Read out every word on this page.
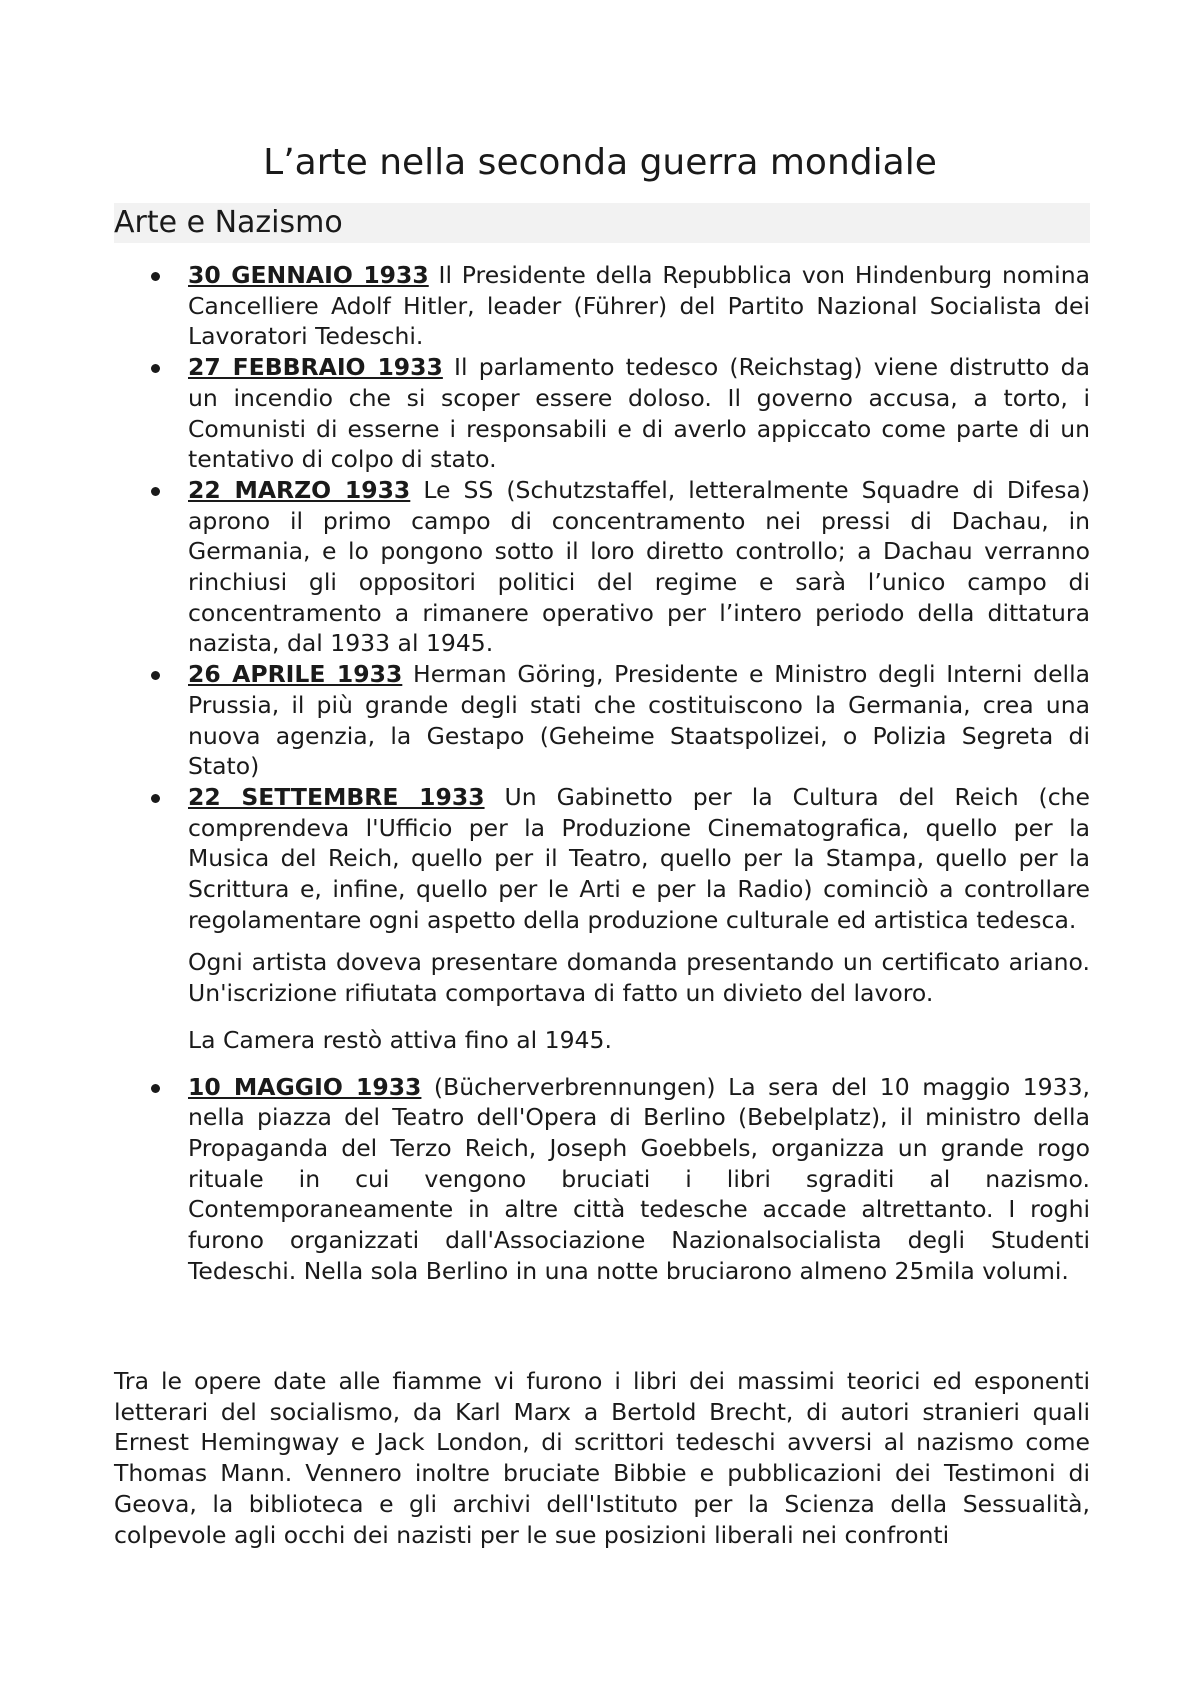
L’arte nella seconda guerra mondiale
Arte e Nazismo
30 GENNAIO 1933 Il Presidente della Repubblica von Hindenburg nomina Cancelliere Adolf Hitler, leader (Führer) del Partito Nazional Socialista dei Lavoratori Tedeschi.
27 FEBBRAIO 1933 Il parlamento tedesco (Reichstag) viene distrutto da un incendio che si scoper essere doloso. Il governo accusa, a torto, i Comunisti di esserne i responsabili e di averlo appiccato come parte di un tentativo di colpo di stato.
22 MARZO 1933 Le SS (Schutzstaffel, letteralmente Squadre di Difesa) aprono il primo campo di concentramento nei pressi di Dachau, in Germania, e lo pongono sotto il loro diretto controllo; a Dachau verranno rinchiusi gli oppositori politici del regime e sarà l’unico campo di concentramento a rimanere operativo per l’intero periodo della dittatura nazista, dal 1933 al 1945.
26 APRILE 1933 Herman Göring, Presidente e Ministro degli Interni della Prussia, il più grande degli stati che costituiscono la Germania, crea una nuova agenzia, la Gestapo (Geheime Staatspolizei, o Polizia Segreta di Stato)
22 SETTEMBRE 1933 Un Gabinetto per la Cultura del Reich (che comprendeva l'Ufficio per la Produzione Cinematografica, quello per la Musica del Reich, quello per il Teatro, quello per la Stampa, quello per la Scrittura e, infine, quello per le Arti e per la Radio) cominciò a controllare regolamentare ogni aspetto della produzione culturale ed artistica tedesca.

Ogni artista doveva presentare domanda presentando un certificato ariano. Un'iscrizione rifiutata comportava di fatto un divieto del lavoro.

La Camera restò attiva fino al 1945.

10 MAGGIO 1933 (Bücherverbrennungen) La sera del 10 maggio 1933, nella piazza del Teatro dell'Opera di Berlino (Bebelplatz), il ministro della Propaganda del Terzo Reich, Joseph Goebbels, organizza un grande rogo rituale in cui vengono bruciati i libri sgraditi al nazismo. Contemporaneamente in altre città tedesche accade altrettanto. I roghi furono organizzati dall'Associazione Nazionalsocialista degli Studenti Tedeschi. Nella sola Berlino in una notte bruciarono almeno 25mila volumi.

Tra le opere date alle fiamme vi furono i libri dei massimi teorici ed esponenti letterari del socialismo, da Karl Marx a Bertold Brecht, di autori stranieri quali Ernest Hemingway e Jack London, di scrittori tedeschi avversi al nazismo come Thomas Mann. Vennero inoltre bruciate Bibbie e pubblicazioni dei Testimoni di Geova, la biblioteca e gli archivi dell'Istituto per la Scienza della Sessualità, colpevole agli occhi dei nazisti per le sue posizioni liberali nei confronti
